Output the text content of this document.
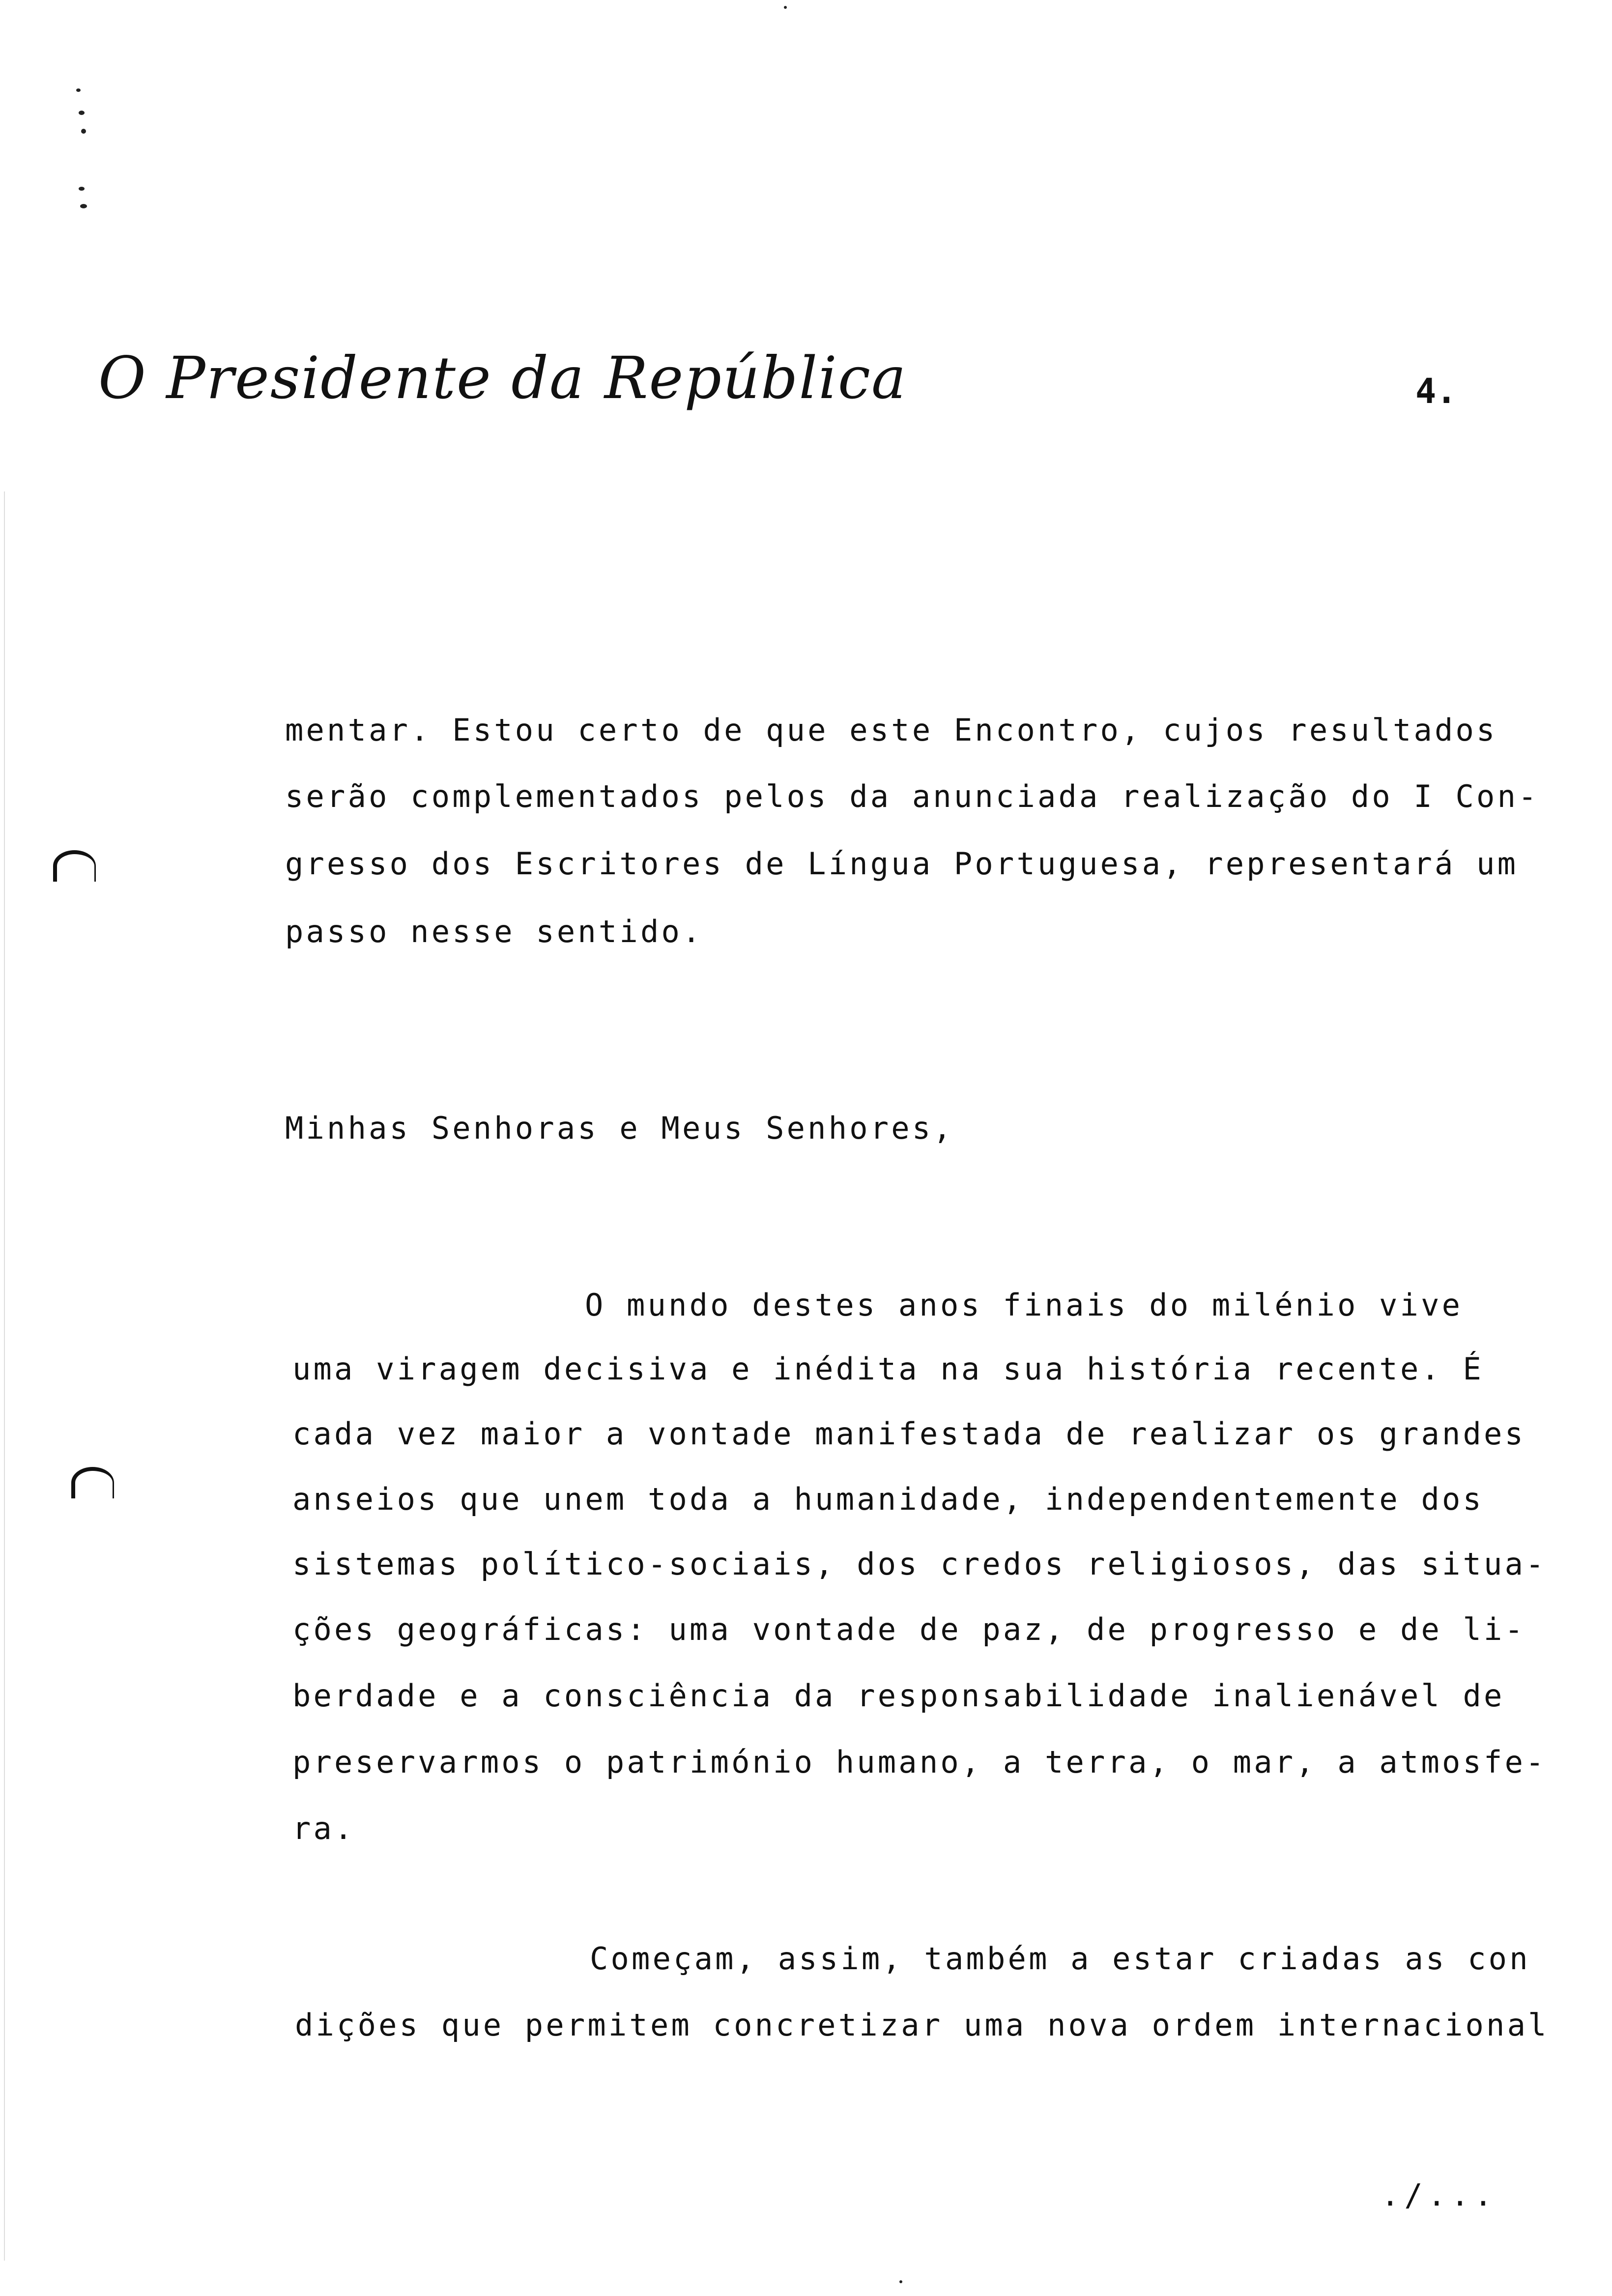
O Presidente da República	4.
mentar. Estou certo de que este Encontro, cujos resultados
serão complementados pelos da anunciada realização do I Con-
gresso dos Escritores de Língua Portuguesa, representará um
passo nesse sentido.
Minhas Senhoras e Meus Senhores,
O mundo destes anos finais do milénio vive
uma viragem decisiva e inédita na sua história recente. É
cada vez maior a vontade manifestada de realizar os grandes
anseios que unem toda a humanidade, independentemente dos
sistemas político-sociais, dos credos religiosos, das situa-
ções geográficas: uma vontade de paz, de progresso e de li-
berdade e a consciência da responsabilidade inalienável de
preservarmos o património humano, a terra, o mar, a atmosfe-
ra.
Começam, assim, também a estar criadas as con
dições que permitem concretizar uma nova ordem internacional
./...
